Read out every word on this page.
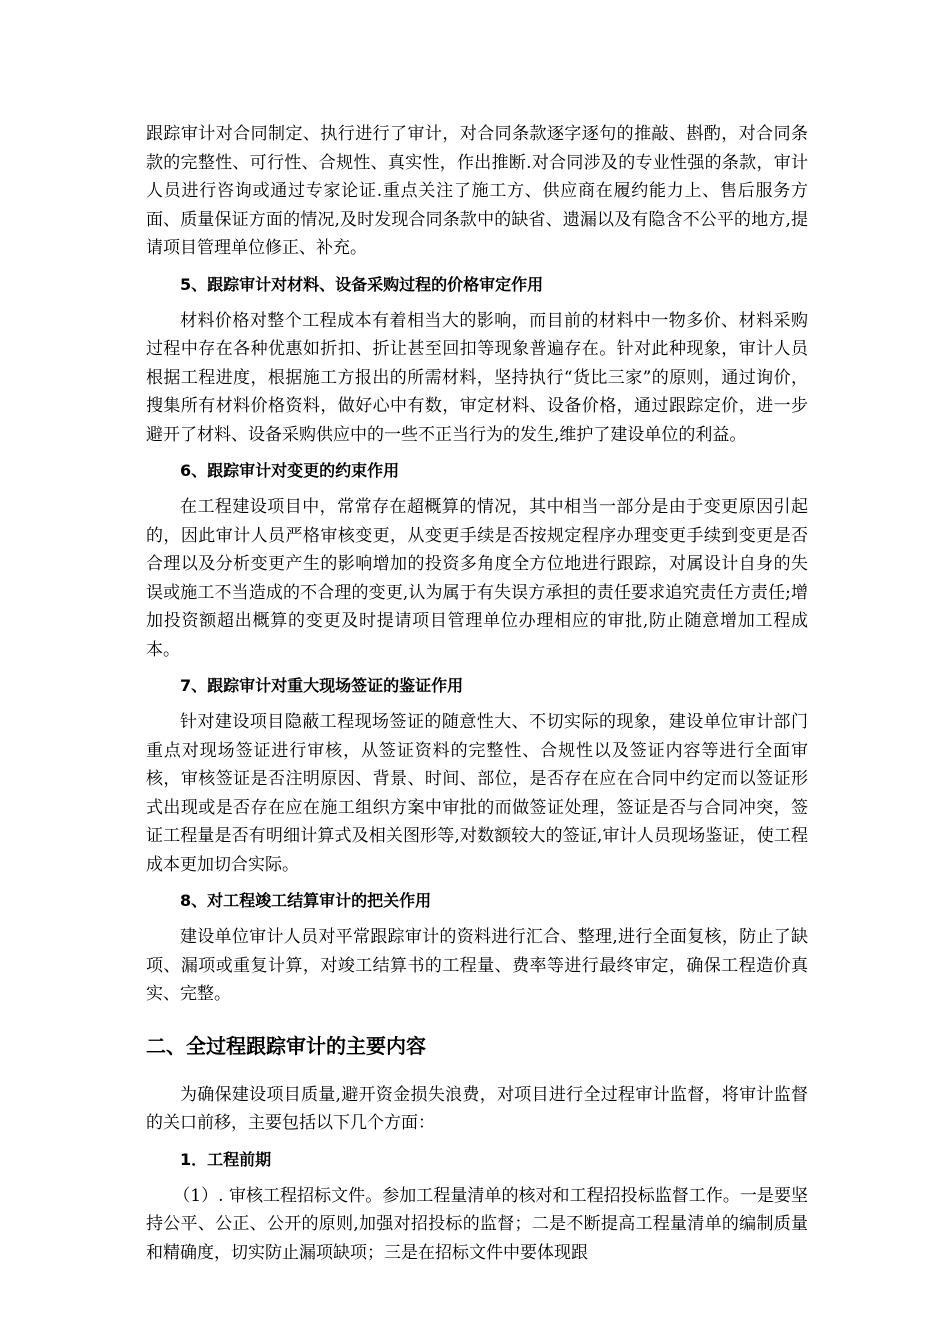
跟踪审计对合同制定、执行进行了审计，对合同条款逐字逐句的推敲、斟酌，对合同条款的完整性、可行性、合规性、真实性，作出推断.对合同涉及的专业性强的条款，审计人员进行咨询或通过专家论证.重点关注了施工方、供应商在履约能力上、售后服务方面、质量保证方面的情况,及时发现合同条款中的缺省、遗漏以及有隐含不公平的地方,提请项目管理单位修正、补充。

5、跟踪审计对材料、设备采购过程的价格审定作用

材料价格对整个工程成本有着相当大的影响，而目前的材料中一物多价、材料采购过程中存在各种优惠如折扣、折让甚至回扣等现象普遍存在。针对此种现象，审计人员根据工程进度，根据施工方报出的所需材料，坚持执行“货比三家”的原则，通过询价，搜集所有材料价格资料，做好心中有数，审定材料、设备价格，通过跟踪定价，进一步避开了材料、设备采购供应中的一些不正当行为的发生,维护了建设单位的利益。

6、跟踪审计对变更的约束作用

在工程建设项目中，常常存在超概算的情况，其中相当一部分是由于变更原因引起的，因此审计人员严格审核变更，从变更手续是否按规定程序办理变更手续到变更是否合理以及分析变更产生的影响增加的投资多角度全方位地进行跟踪，对属设计自身的失误或施工不当造成的不合理的变更,认为属于有失误方承担的责任要求追究责任方责任;增加投资额超出概算的变更及时提请项目管理单位办理相应的审批,防止随意增加工程成本。

7、跟踪审计对重大现场签证的鉴证作用

针对建设项目隐蔽工程现场签证的随意性大、不切实际的现象，建设单位审计部门重点对现场签证进行审核，从签证资料的完整性、合规性以及签证内容等进行全面审核，审核签证是否注明原因、背景、时间、部位，是否存在应在合同中约定而以签证形式出现或是否存在应在施工组织方案中审批的而做签证处理，签证是否与合同冲突，签证工程量是否有明细计算式及相关图形等,对数额较大的签证,审计人员现场鉴证，使工程成本更加切合实际。

8、对工程竣工结算审计的把关作用

建设单位审计人员对平常跟踪审计的资料进行汇合、整理,进行全面复核，防止了缺项、漏项或重复计算，对竣工结算书的工程量、费率等进行最终审定，确保工程造价真实、完整。

二、全过程跟踪审计的主要内容

为确保建设项目质量,避开资金损失浪费，对项目进行全过程审计监督，将审计监督的关口前移，主要包括以下几个方面：

1．工程前期

（1）. 审核工程招标文件。参加工程量清单的核对和工程招投标监督工作。一是要坚持公平、公正、公开的原则,加强对招投标的监督；二是不断提高工程量清单的编制质量和精确度，切实防止漏项缺项；三是在招标文件中要体现跟
